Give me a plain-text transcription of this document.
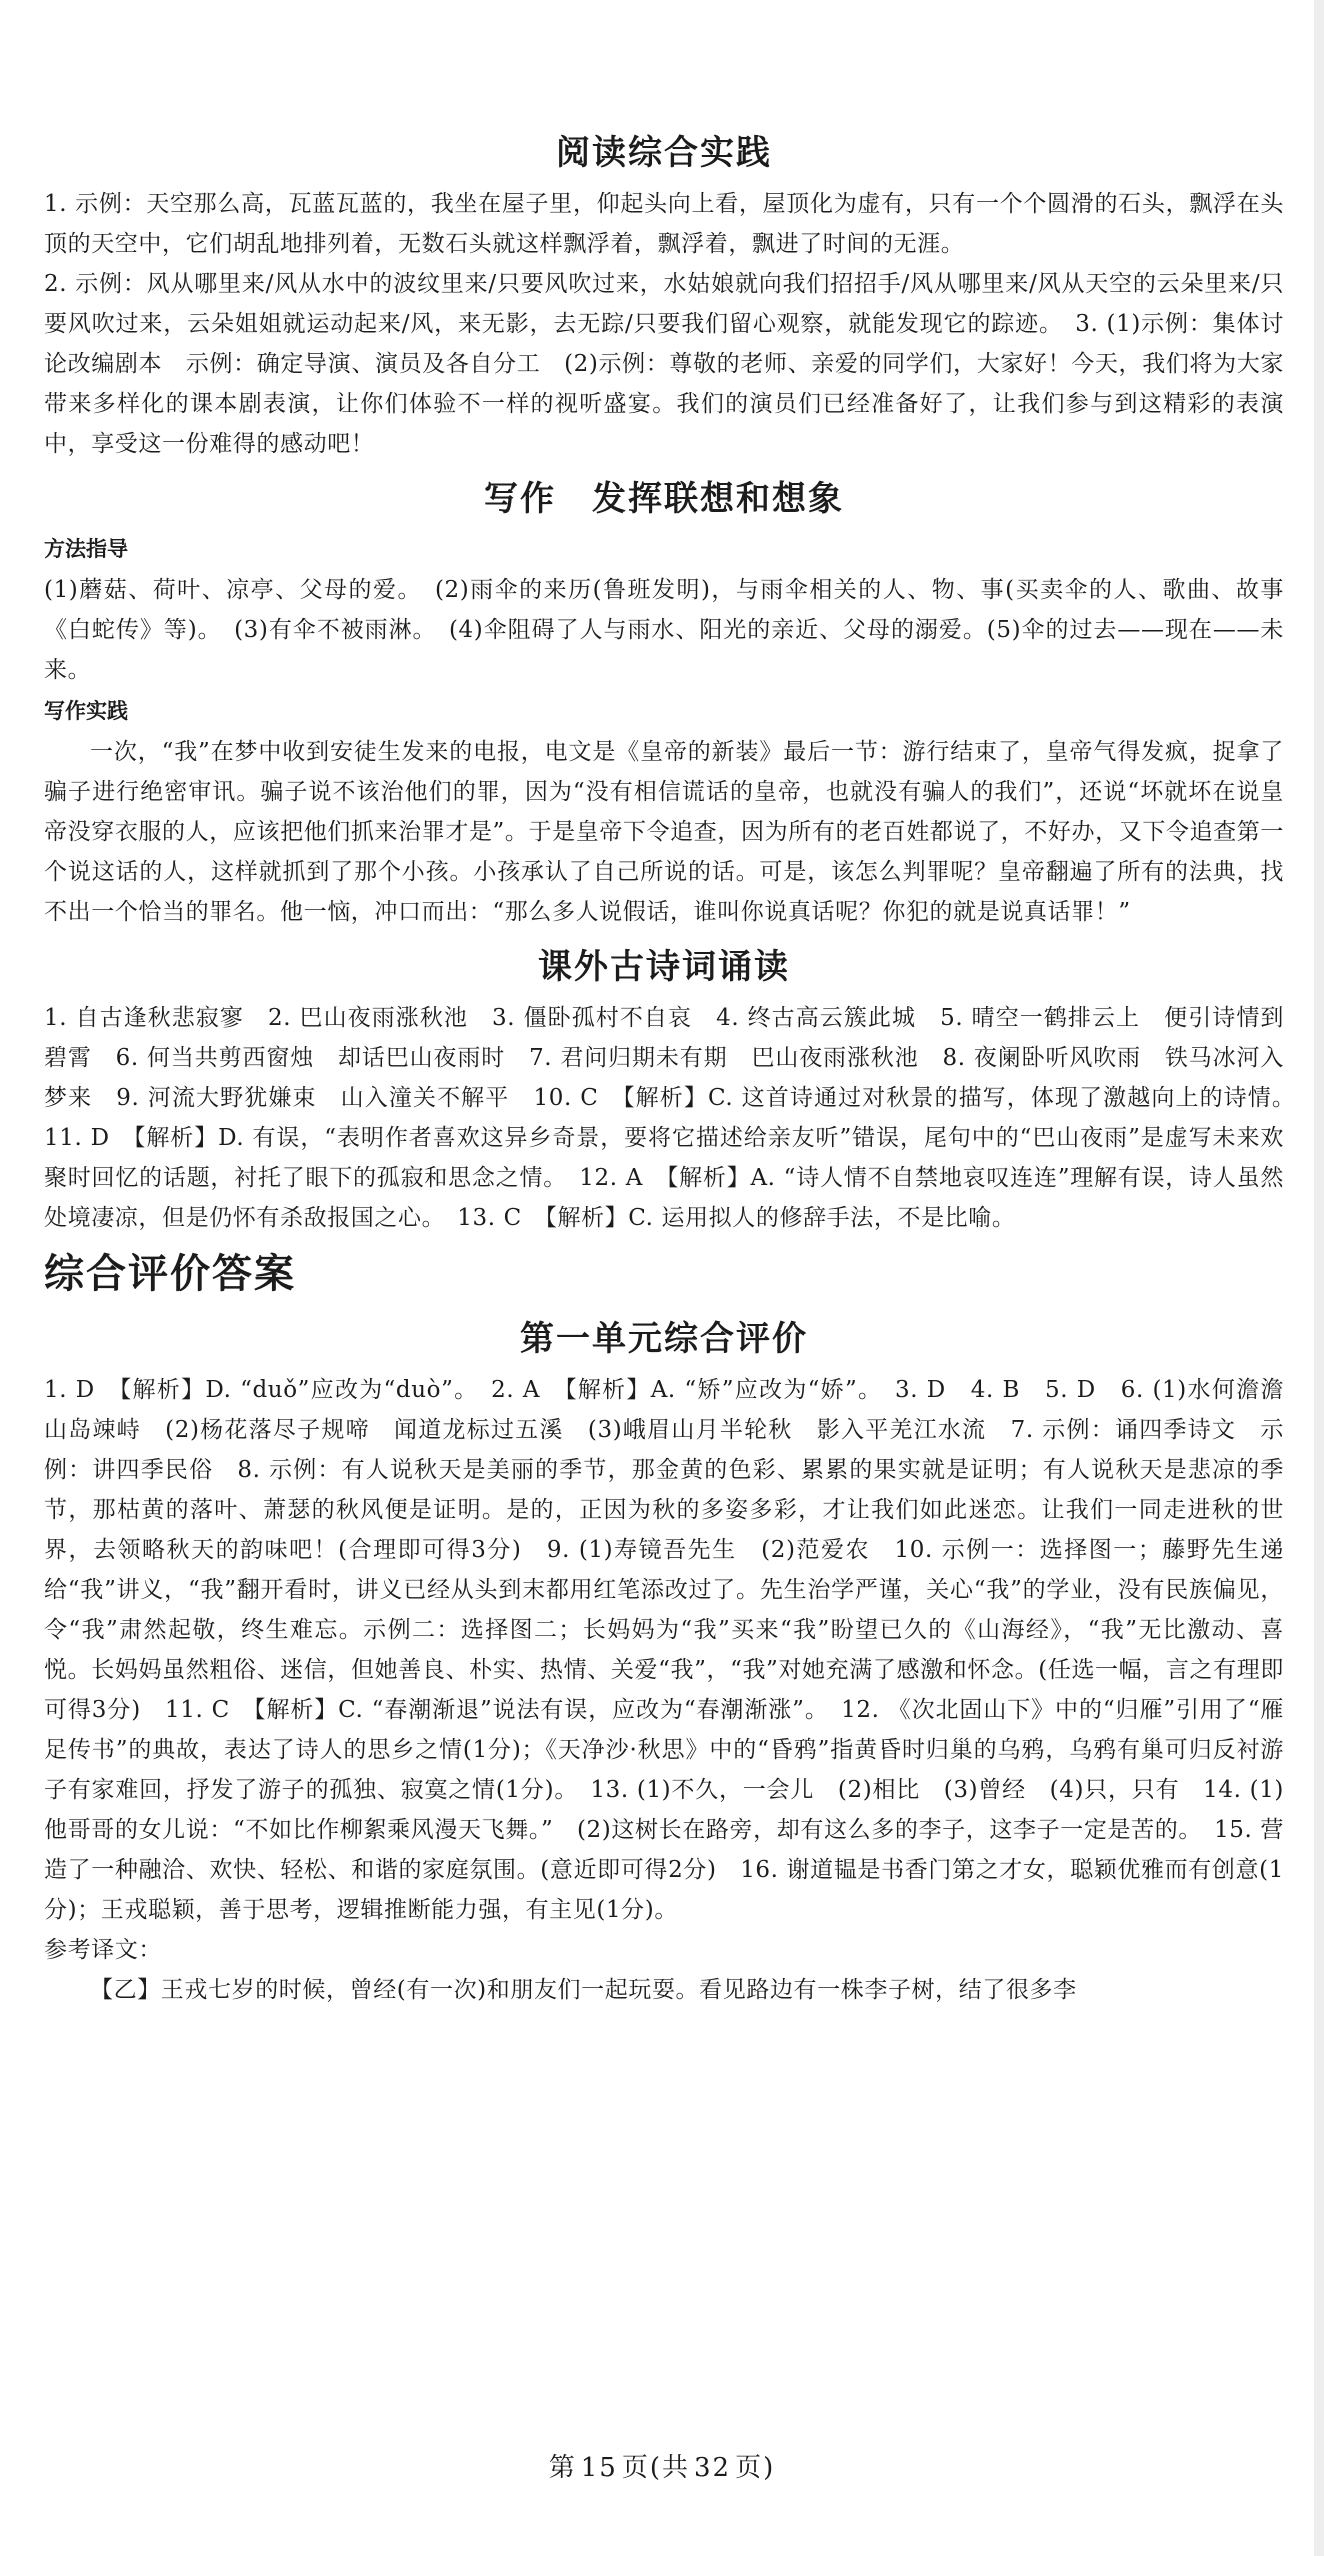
阅读综合实践

1. 示例：天空那么高，瓦蓝瓦蓝的，我坐在屋子里，仰起头向上看，屋顶化为虚有，只有一个个圆滑的石头，飘浮在头顶的天空中，它们胡乱地排列着，无数石头就这样飘浮着，飘浮着，飘进了时间的无涯。

2. 示例：风从哪里来/风从水中的波纹里来/只要风吹过来，水姑娘就向我们招招手/风从哪里来/风从天空的云朵里来/只要风吹过来，云朵姐姐就运动起来/风，来无影，去无踪/只要我们留心观察，就能发现它的踪迹。　3. (1)示例：集体讨论改编剧本　示例：确定导演、演员及各自分工　(2)示例：尊敬的老师、亲爱的同学们，大家好！今天，我们将为大家带来多样化的课本剧表演，让你们体验不一样的视听盛宴。我们的演员们已经准备好了，让我们参与到这精彩的表演中，享受这一份难得的感动吧！

写作　发挥联想和想象
方法指导

(1)蘑菇、荷叶、凉亭、父母的爱。　(2)雨伞的来历(鲁班发明)，与雨伞相关的人、物、事(买卖伞的人、歌曲、故事《白蛇传》等)。　(3)有伞不被雨淋。　(4)伞阻碍了人与雨水、阳光的亲近、父母的溺爱。(5)伞的过去——现在——未来。

写作实践

一次，“我”在梦中收到安徒生发来的电报，电文是《皇帝的新装》最后一节：游行结束了，皇帝气得发疯，捉拿了骗子进行绝密审讯。骗子说不该治他们的罪，因为“没有相信谎话的皇帝，也就没有骗人的我们”，还说“坏就坏在说皇帝没穿衣服的人，应该把他们抓来治罪才是”。于是皇帝下令追查，因为所有的老百姓都说了，不好办，又下令追查第一个说这话的人，这样就抓到了那个小孩。小孩承认了自己所说的话。可是，该怎么判罪呢？皇帝翻遍了所有的法典，找不出一个恰当的罪名。他一恼，冲口而出：“那么多人说假话，谁叫你说真话呢？你犯的就是说真话罪！”

课外古诗词诵读

1. 自古逢秋悲寂寥　2. 巴山夜雨涨秋池　3. 僵卧孤村不自哀　4. 终古高云簇此城　5. 晴空一鹤排云上　便引诗情到碧霄　6. 何当共剪西窗烛　却话巴山夜雨时　7. 君问归期未有期　巴山夜雨涨秋池　8. 夜阑卧听风吹雨　铁马冰河入梦来　9. 河流大野犹嫌束　山入潼关不解平　10. C　【解析】C. 这首诗通过对秋景的描写，体现了激越向上的诗情。　11. D　【解析】D. 有误，“表明作者喜欢这异乡奇景，要将它描述给亲友听”错误，尾句中的“巴山夜雨”是虚写未来欢聚时回忆的话题，衬托了眼下的孤寂和思念之情。　12. A　【解析】A. “诗人情不自禁地哀叹连连”理解有误，诗人虽然处境凄凉，但是仍怀有杀敌报国之心。　13. C　【解析】C. 运用拟人的修辞手法，不是比喻。

综合评价答案
第一单元综合评价

1. D　【解析】D. “duǒ”应改为“duò”。　2. A　【解析】A. “矫”应改为“娇”。　3. D　4. B　5. D　6. (1)水何澹澹　山岛竦峙　(2)杨花落尽子规啼　闻道龙标过五溪　(3)峨眉山月半轮秋　影入平羌江水流　7. 示例：诵四季诗文　示例：讲四季民俗　8. 示例：有人说秋天是美丽的季节，那金黄的色彩、累累的果实就是证明；有人说秋天是悲凉的季节，那枯黄的落叶、萧瑟的秋风便是证明。是的，正因为秋的多姿多彩，才让我们如此迷恋。让我们一同走进秋的世界，去领略秋天的韵味吧！(合理即可得3分)　9. (1)寿镜吾先生　(2)范爱农　10. 示例一：选择图一；藤野先生递给“我”讲义，“我”翻开看时，讲义已经从头到末都用红笔添改过了。先生治学严谨，关心“我”的学业，没有民族偏见，令“我”肃然起敬，终生难忘。示例二：选择图二；长妈妈为“我”买来“我”盼望已久的《山海经》，“我”无比激动、喜悦。长妈妈虽然粗俗、迷信，但她善良、朴实、热情、关爱“我”，“我”对她充满了感激和怀念。(任选一幅，言之有理即可得3分)　11. C　【解析】C. “春潮渐退”说法有误，应改为“春潮渐涨”。　12. 《次北固山下》中的“归雁”引用了“雁足传书”的典故，表达了诗人的思乡之情(1分)；《天净沙·秋思》中的“昏鸦”指黄昏时归巢的乌鸦，乌鸦有巢可归反衬游子有家难回，抒发了游子的孤独、寂寞之情(1分)。　13. (1)不久，一会儿　(2)相比　(3)曾经　(4)只，只有　14. (1)他哥哥的女儿说：“不如比作柳絮乘风漫天飞舞。”　(2)这树长在路旁，却有这么多的李子，这李子一定是苦的。　15. 营造了一种融洽、欢快、轻松、和谐的家庭氛围。(意近即可得2分)　16. 谢道韫是书香门第之才女，聪颖优雅而有创意(1分)；王戎聪颖，善于思考，逻辑推断能力强，有主见(1分)。

参考译文：

【乙】王戎七岁的时候，曾经(有一次)和朋友们一起玩耍。看见路边有一株李子树，结了很多李

第 15 页(共 32 页)
